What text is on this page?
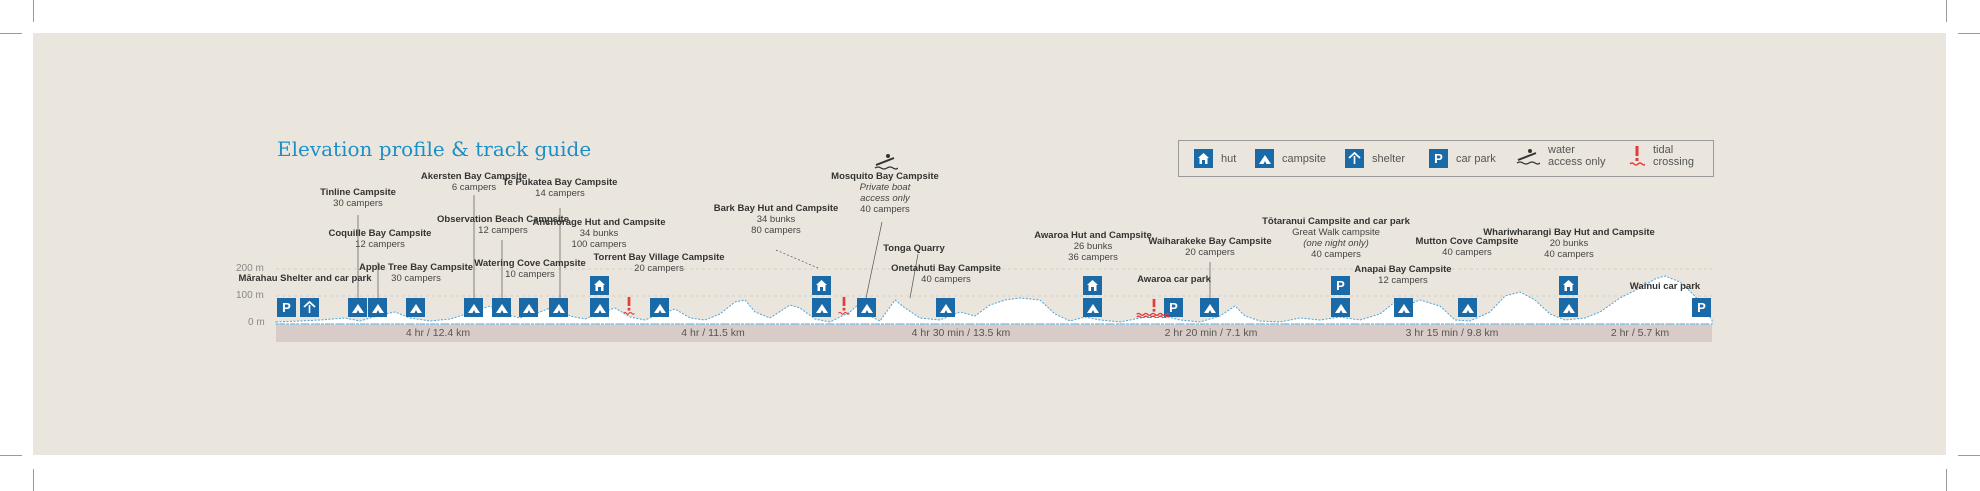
Elevation profile & track guide	hut	campsite	shelter P car park
water access only
tidal crossing
200 m
100 m
0 m
Mārahau Shelter and car park
Tinline Campsite
30 campers
Coquille Bay Campsite
12 campers
Apple Tree Bay Campsite
30 campers
Akersten Bay Campsite
6 campers
Observation Beach Campsite
12 campers
Watering Cove Campsite
10 campers
Te Pukatea Bay Campsite
14 campers
Anchorage Hut and Campsite
34 bunks
100 campers
Torrent Bay Village Campsite
20 campers
Bark Bay Hut and Campsite
34 bunks
80 campers
Mosquito Bay Campsite
Private boat
access only
40 campers
Tonga Quarry
Onetahuti Bay Campsite
40 campers
Awaroa Hut and Campsite
26 bunks
36 campers
Awaroa car park
Waiharakeke Bay Campsite
20 campers
Tōtaranui Campsite and car park
Great Walk campsite
(one night only)
40 campers
Anapai Bay Campsite
12 campers
Mutton Cove Campsite
40 campers
Whariwharangi Bay Hut and Campsite
20 bunks
40 campers
Wainui car park
P	P
P
P
4 hr / 12.4 km	4 hr / 11.5 km	4 hr 30 min / 13.5 km	2 hr 20 min / 7.1 km	3 hr 15 min / 9.8 km	2 hr / 5.7 km
